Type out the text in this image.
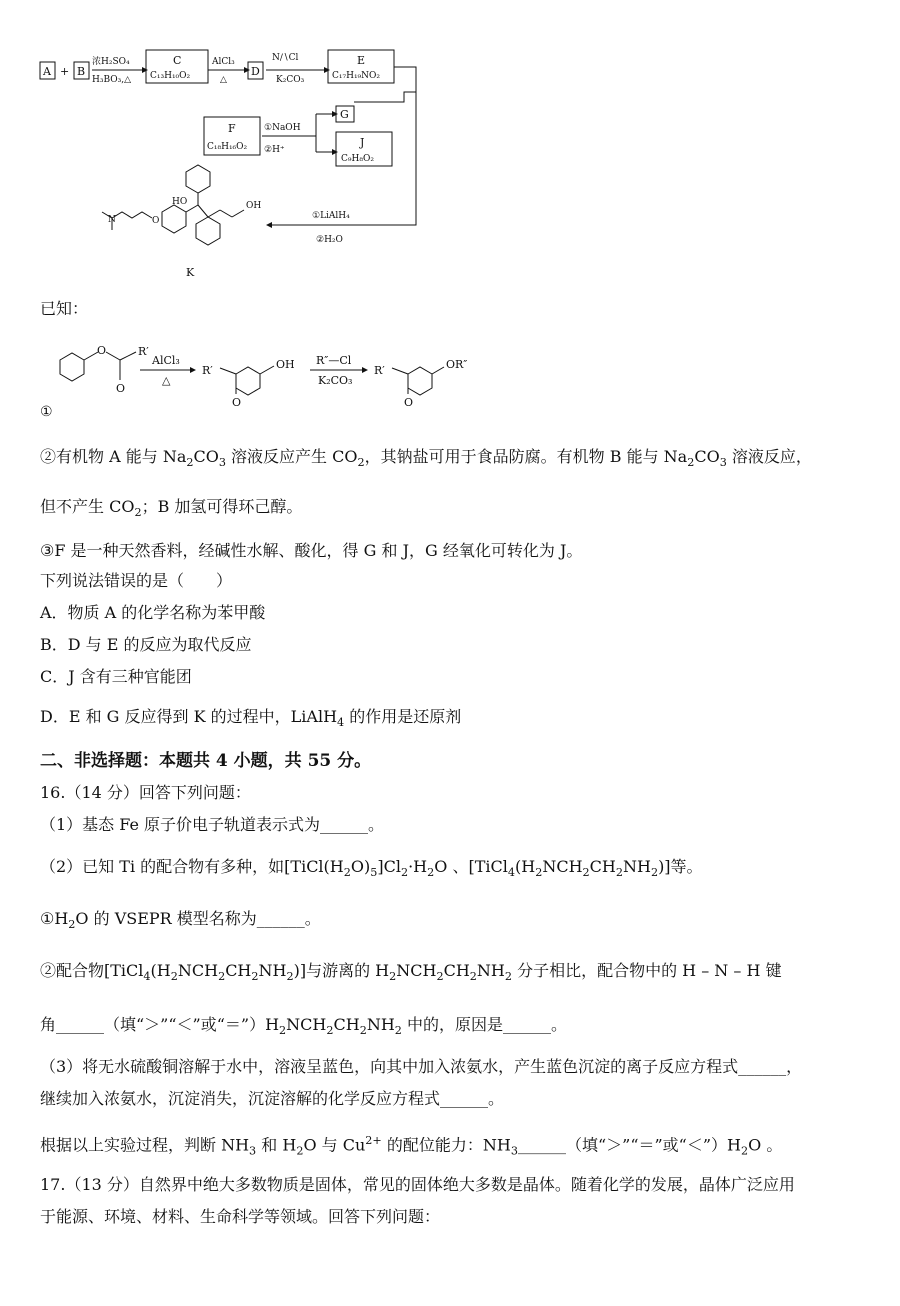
A + B
浓H₂SO₄
H₃BO₃,△
C
C₁₃H₁₀O₂
AlCl₃
△
D
N∕∖Cl
K₂CO₃
E
C₁₇H₁₉NO₂
F
C₁₈H₁₆O₂
①NaOH
②H⁺
G
J
C₉H₈O₂
①LiAlH₄
②H₂O
HO	OH
O
N
K
已知：
O	R′
O
AlCl₃
△
R′	OH
O
R″—Cl
K₂CO₃
R′	OR″
O
①
②有机物 A 能与 $Na_2CO_3$ 溶液反应产生 $CO_2$，其钠盐可用于食品防腐。有机物 B 能与 $Na_2CO_3$ 溶液反应，
但不产生 $CO_2$；B 加氢可得环己醇。
③F 是一种天然香料，经碱性水解、酸化，得 G 和 J，G 经氧化可转化为 J。
下列说法错误的是（　　）
A．物质 A 的化学名称为苯甲酸
B．D 与 E 的反应为取代反应
C．J 含有三种官能团
D．E 和 G 反应得到 K 的过程中，LiAlH$_4$ 的作用是还原剂
二、非选择题：本题共 4 小题，共 55 分。
16.（14 分）回答下列问题：
（1）基态 Fe 原子价电子轨道表示式为______。
（2）已知 Ti 的配合物有多种，如$[TiCl(H_2O)_5]Cl_2\cdot H_2O$ 、$[TiCl_4(H_2NCH_2CH_2NH_2)]$等。
$①H_2O$ 的 VSEPR 模型名称为______。
②配合物$[TiCl_4(H_2NCH_2CH_2NH_2)]$与游离的 $H_2NCH_2CH_2NH_2$ 分子相比，配合物中的 H – N – H 键
角______（填“＞”“＜”或“$=”)H_2NCH_2CH_2NH_2$ 中的，原因是______。
（3）将无水硫酸铜溶解于水中，溶液呈蓝色，向其中加入浓氨水，产生蓝色沉淀的离子反应方程式______，
继续加入浓氨水，沉淀消失，沉淀溶解的化学反应方程式______。
根据以上实验过程，判断 $NH_3$ 和 $H_2O$ 与 $Cu^{2+}$ 的配位能力：$NH_3\_\_\_\_\_\_$（填“＞”“＝”或“$<”)H_2O$ 。
17.（13 分）自然界中绝大多数物质是固体，常见的固体绝大多数是晶体。随着化学的发展，晶体广泛应用
于能源、环境、材料、生命科学等领域。回答下列问题：
